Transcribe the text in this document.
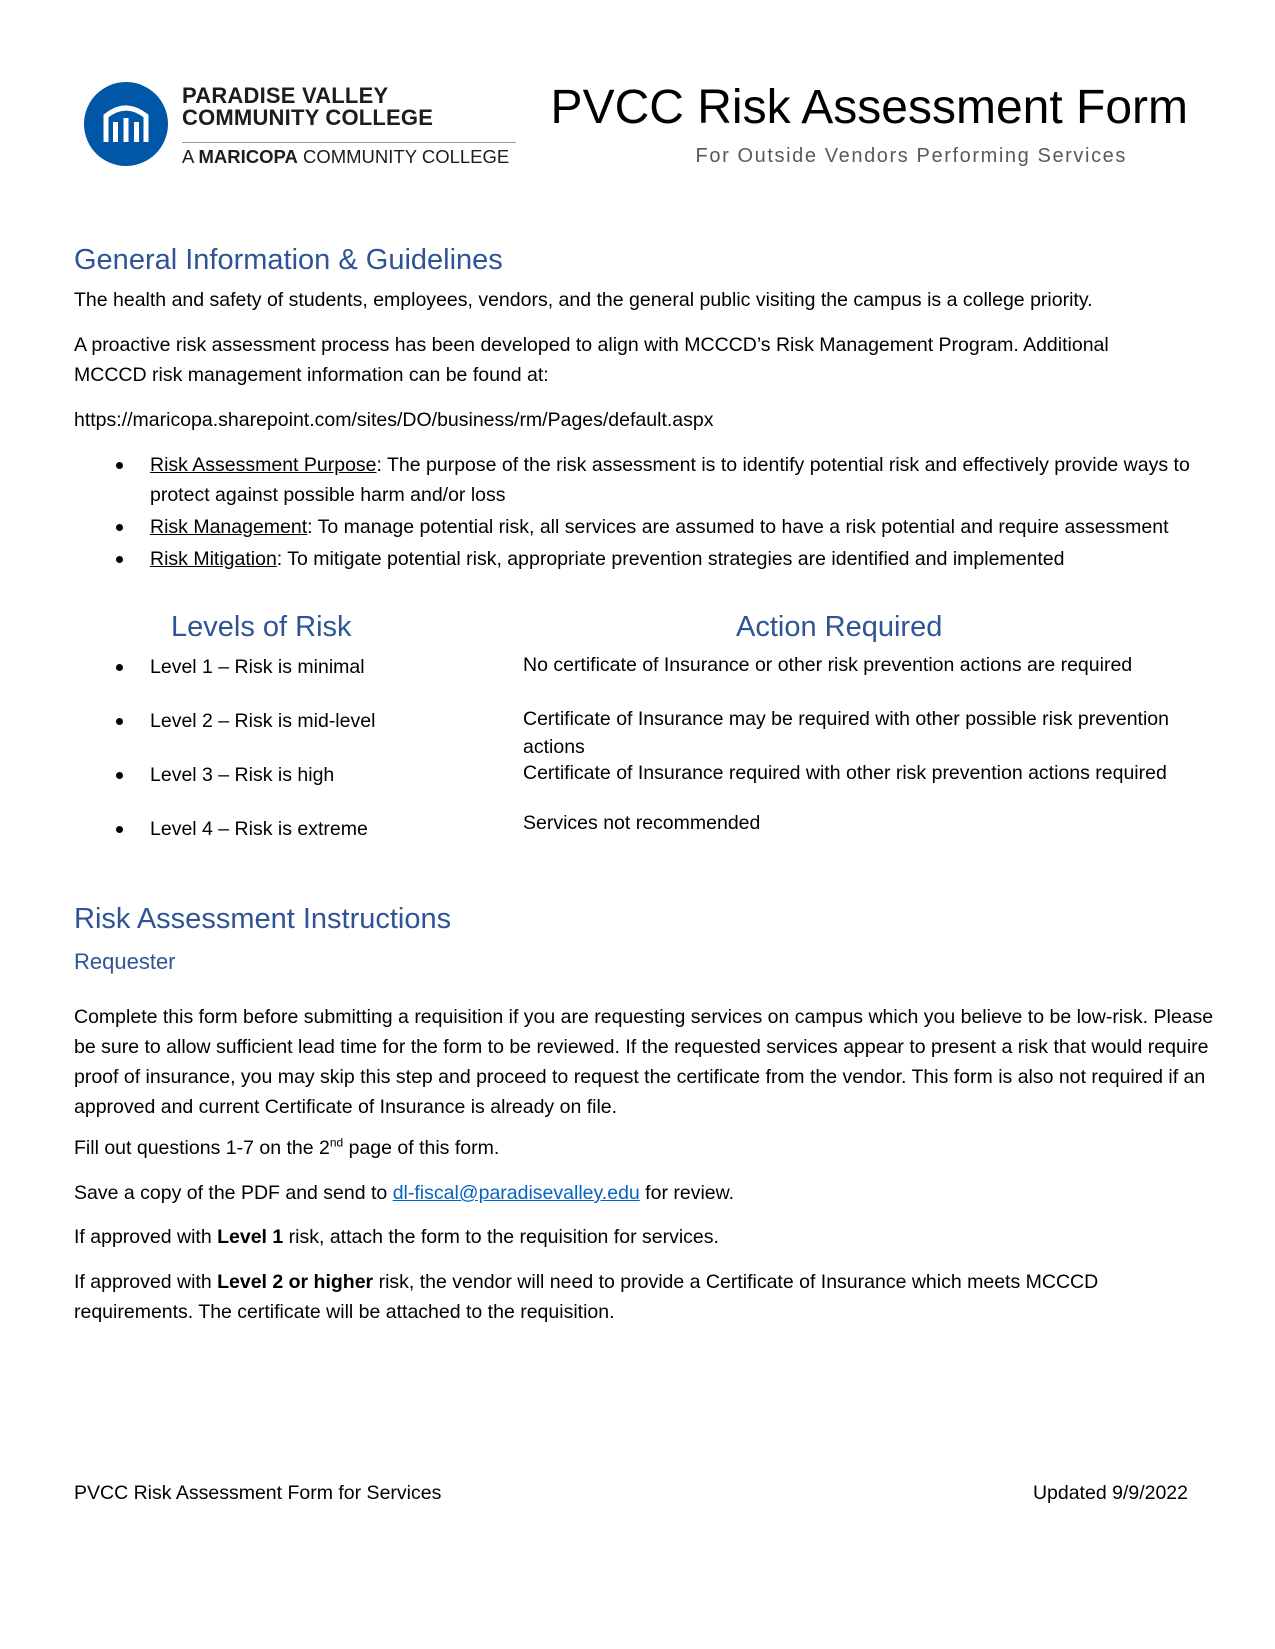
PARADISE VALLEY
COMMUNITY COLLEGE
A MARICOPA COMMUNITY COLLEGE
PVCC Risk Assessment Form
For Outside Vendors Performing Services
General Information & Guidelines
The health and safety of students, employees, vendors, and the general public visiting the campus is a college priority.
A proactive risk assessment process has been developed to align with MCCCD’s Risk Management Program. Additional MCCCD risk management information can be found at:
https://maricopa.sharepoint.com/sites/DO/business/rm/Pages/default.aspx
Risk Assessment Purpose: The purpose of the risk assessment is to identify potential risk and effectively provide ways to protect against possible harm and/or loss
Risk Management: To manage potential risk, all services are assumed to have a risk potential and require assessment
Risk Mitigation: To mitigate potential risk, appropriate prevention strategies are identified and implemented
Levels of Risk	Action Required
Level 1 – Risk is minimal	No certificate of Insurance or other risk prevention actions are required
Level 2 – Risk is mid-level	Certificate of Insurance may be required with other possible risk prevention actions
Level 3 – Risk is high	Certificate of Insurance required with other risk prevention actions required
Level 4 – Risk is extreme	Services not recommended
Risk Assessment Instructions
Requester
Complete this form before submitting a requisition if you are requesting services on campus which you believe to be low-risk. Please be sure to allow sufficient lead time for the form to be reviewed. If the requested services appear to present a risk that would require proof of insurance, you may skip this step and proceed to request the certificate from the vendor. This form is also not required if an approved and current Certificate of Insurance is already on file.
Fill out questions 1-7 on the 2nd page of this form.
Save a copy of the PDF and send to dl-fiscal@paradisevalley.edu for review.
If approved with Level 1 risk, attach the form to the requisition for services.
If approved with Level 2 or higher risk, the vendor will need to provide a Certificate of Insurance which meets MCCCD requirements. The certificate will be attached to the requisition.
PVCC Risk Assessment Form for Services	Updated 9/9/2022
